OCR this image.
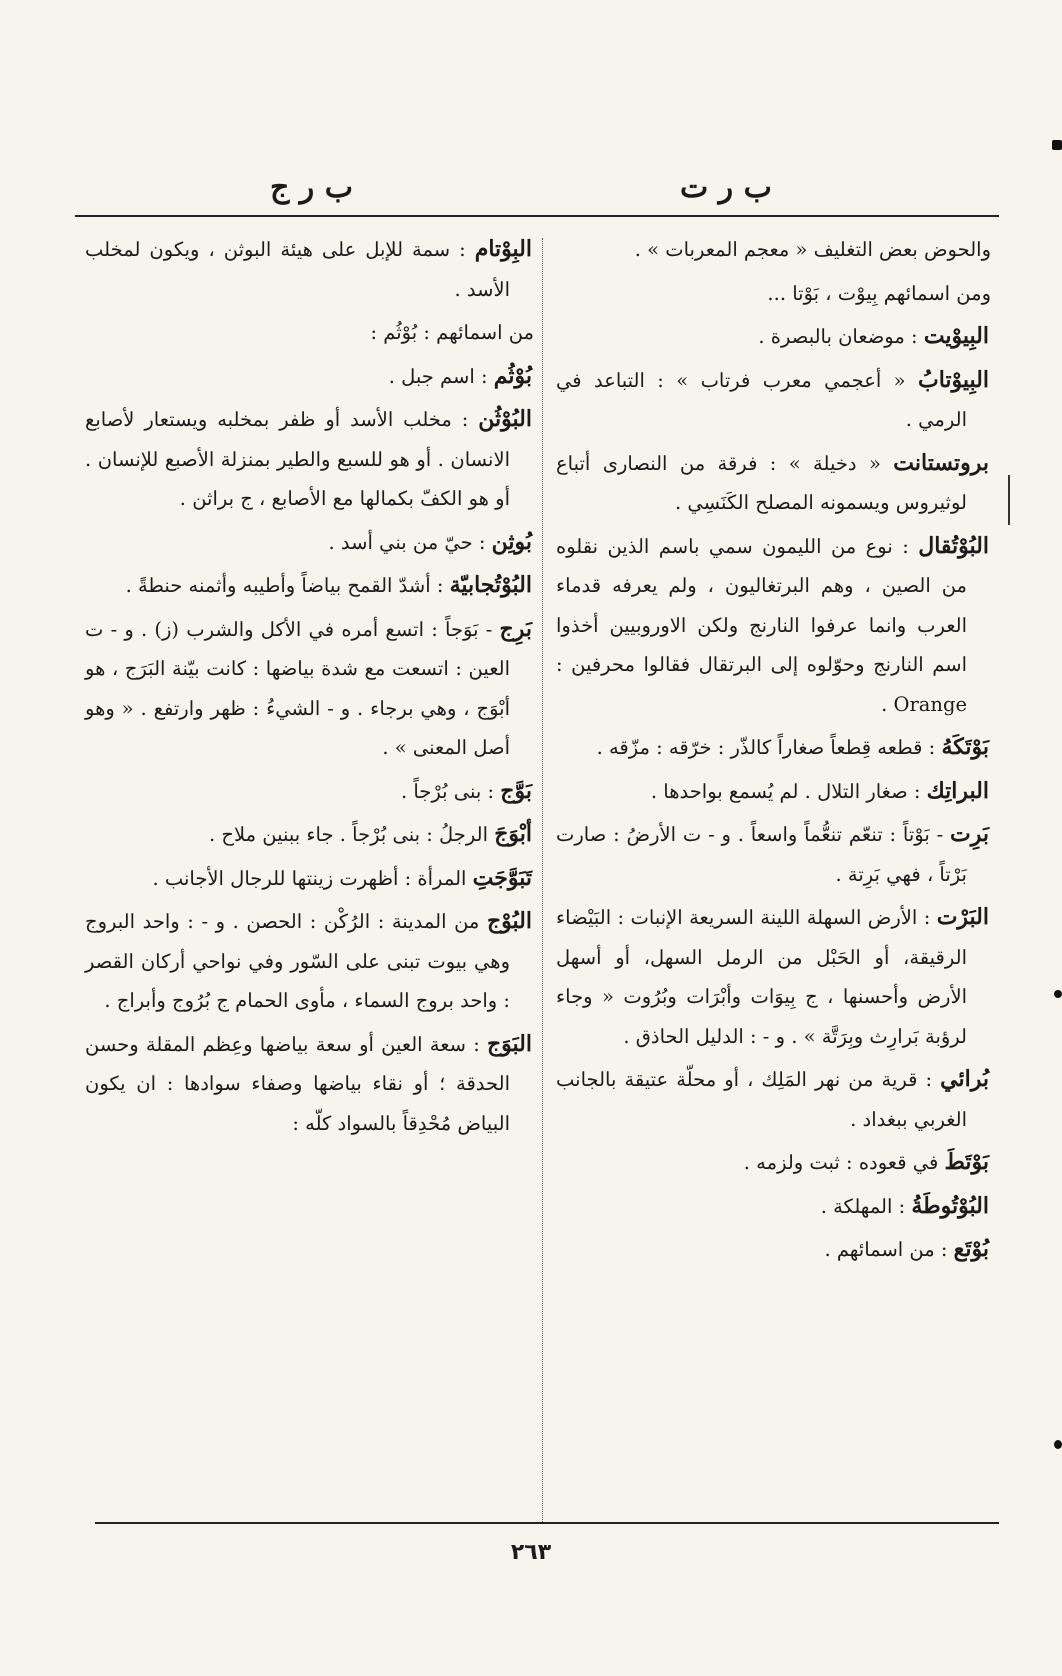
ب ر ت
ب ر ج

والحوض بعض التغليف « معجم المعربات » .

ومن اسمائهم بِيوْت ، بَوْتا ...

البِيوْيت : موضعان بالبصرة .

البِيوْتابُ « أعجمي معرب فرتاب » : التباعد في الرمي .

بروتستانت « دخيلة » : فرقة من النصارى أتباع لوثيروس ويسمونه المصلح الكَنَسِي .

البُوْتُقال : نوع من الليمون سمي باسم الذين نقلوه من الصين ، وهم البرتغاليون ، ولم يعرفه قدماء العرب وانما عرفوا النارنج ولكن الاوروبيين أخذوا اسم النارنج وحوّلوه إلى البرتقال فقالوا محرفين : Orange .

بَوْتَكَهُ : قطعه قِطعاً صغاراً كالذّر : خرّقه : مزّقه .

البراتِك : صغار التلال . لم يُسمع بواحدها .

بَرِت - بَوْتاً : تنعّم تنعُّماً واسعاً . و - ت الأرضُ : صارت بَرْتاً ، فهي بَرِتة .

البَرْت : الأرض السهلة اللينة السريعة الإنبات : البَيْضاء الرقيقة، أو الحَبْل من الرمل السهل، أو أسهل الأرض وأحسنها ، ج بِيوَات وأبْرَات وبُرُوت « وجاء لرؤبة بَرارِث وبِرَتَّة » . و - : الدليل الحاذق .

بُرائي : قرية من نهر المَلِك ، أو محلّة عتيقة بالجانب الغربي ببغداد .

بَوْتَطَ في قعوده : ثبت ولزمه .

البُوْتُوطَةُ : المهلكة .

بُوْتَع : من اسمائهم .

البِوْتام : سمة للإبل على هيئة البوثن ، ويكون لمخلب الأسد .

من اسمائهم : بُوْثُم :

بُوْثُم : اسم جبل .

البُوْثُن : مخلب الأسد أو ظفر بمخلبه ويستعار لأصابع الانسان . أو هو للسبع والطير بمنزلة الأصبع للإنسان . أو هو الكفّ بكمالها مع الأصابع ، ج براثن .

بُوثِن : حيّ من بني أسد .

البُوْتُجابيّة : أشدّ القمح بياضاً وأطيبه وأثمنه حنطةً .

بَرِج - بَوَجاً : اتسع أمره في الأكل والشرب (ز) . و - ت العين : اتسعت مع شدة بياضها : كانت بيّنة البَرَج ، هو أبْوَج ، وهي برجاء . و - الشيءُ : ظهر وارتفع . « وهو أصل المعنى » .

بَوَّج : بنى بُرْجاً .

أبْوَجَ الرجلُ : بنى بُرْجاً . جاء ببنين ملاح .

تَبَوَّجَتِ المرأة : أظهرت زينتها للرجال الأجانب .

البُوْج من المدينة : الرُكْن : الحصن . و - : واحد البروج وهي بيوت تبنى على السّور وفي نواحي أركان القصر : واحد بروج السماء ، مأوى الحمام ج بُرُوج وأبراج .

البَوَج : سعة العين أو سعة بياضها وعِظم المقلة وحسن الحدقة ؛ أو نقاء بياضها وصفاء سوادها : ان يكون البياض مُحْدِقاً بالسواد كلّه :

٢٦٣
